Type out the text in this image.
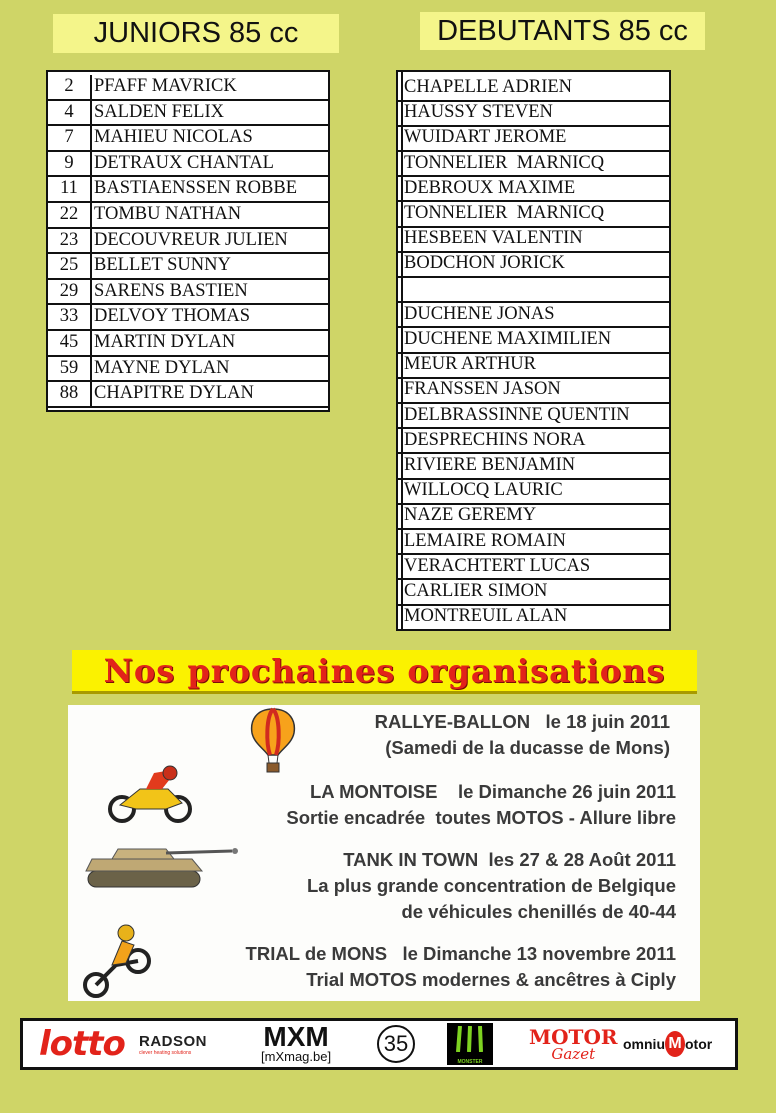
JUNIORS 85 cc	DEBUTANTS 85 cc
2	PFAFF MAVRICK
4	SALDEN FELIX
7	MAHIEU NICOLAS
9	DETRAUX CHANTAL
11 BASTIAENSSEN ROBBE
22 TOMBU NATHAN
23 DECOUVREUR JULIEN
25 BELLET SUNNY
29 SARENS BASTIEN
33 DELVOY THOMAS
45 MARTIN DYLAN
59 MAYNE DYLAN
88 CHAPITRE DYLAN
CHAPELLE ADRIEN
HAUSSY STEVEN
WUIDART JEROME
TONNELIER  MARNICQ
DEBROUX MAXIME
TONNELIER  MARNICQ
HESBEEN VALENTIN
BODCHON JORICK
DUCHENE JONAS
DUCHENE MAXIMILIEN
MEUR ARTHUR
FRANSSEN JASON
DELBRASSINNE QUENTIN
DESPRECHINS NORA
RIVIERE BENJAMIN
WILLOCQ LAURIC
NAZE GEREMY
LEMAIRE ROMAIN
VERACHTERT LUCAS
CARLIER SIMON
MONTREUIL ALAN
Nos prochaines organisations
RALLYE-BALLON   le 18 juin 2011
(Samedi de la ducasse de Mons)
LA MONTOISE    le Dimanche 26 juin 2011
Sortie encadrée  toutes MOTOS - Allure libre
TANK IN TOWN  les 27 & 28 Août 2011
La plus grande concentration de Belgique
de véhicules chenillés de 40-44
TRIAL de MONS   le Dimanche 13 novembre 2011
Trial MOTOS modernes & ancêtres à Ciply
lotto RADSON
clever heating solutions
MXM
[mXmag.be]
35
MONSTER
MOTOR
Gazet
omniu M otor
